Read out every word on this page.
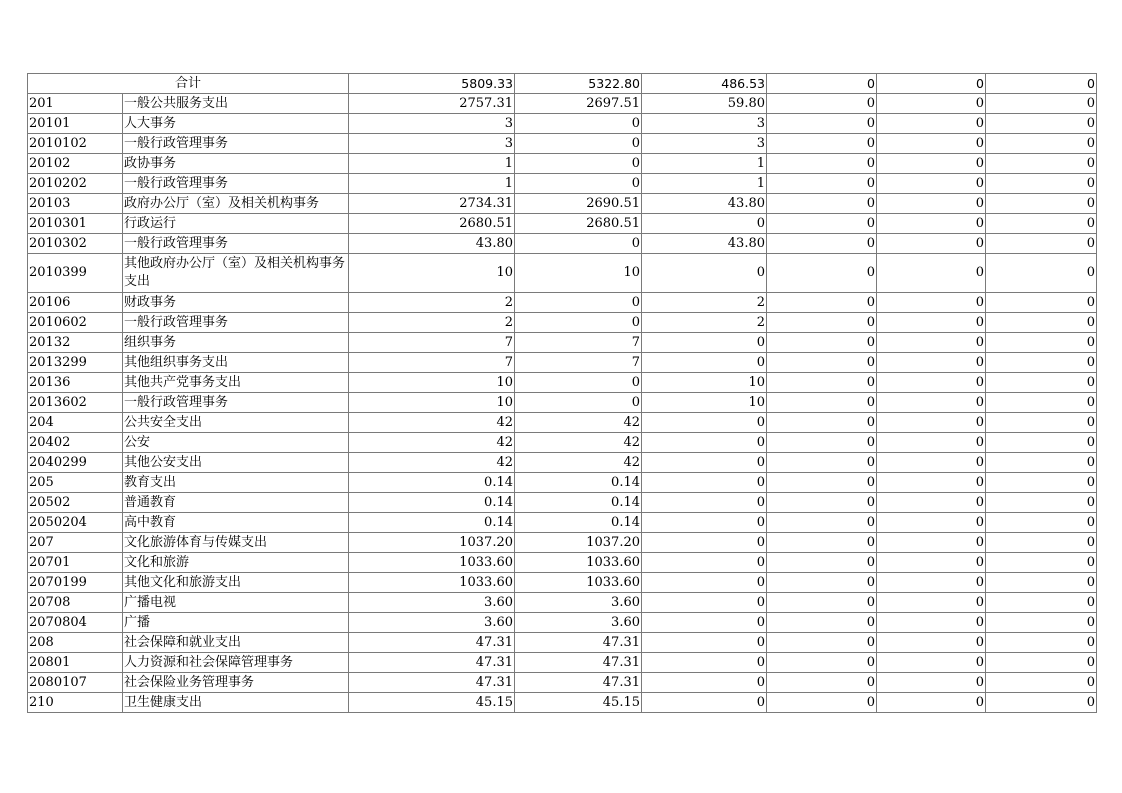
合计		5809.33	5322.80	486.53	0	0	0
201	一般公共服务支出	2757.31	2697.51	59.80	0	0	0
20101	人大事务	3	0	3	0	0	0
2010102	一般行政管理事务	3	0	3	0	0	0
20102	政协事务	1	0	1	0	0	0
2010202	一般行政管理事务	1	0	1	0	0	0
20103	政府办公厅（室）及相关机构事务	2734.31	2690.51	43.80	0	0	0
2010301	行政运行	2680.51	2680.51	0	0	0	0
2010302	一般行政管理事务	43.80	0	43.80	0	0	0
2010399	其他政府办公厅（室）及相关机构事务支出	10	10	0	0	0	0
20106	财政事务	2	0	2	0	0	0
2010602	一般行政管理事务	2	0	2	0	0	0
20132	组织事务	7	7	0	0	0	0
2013299	其他组织事务支出	7	7	0	0	0	0
20136	其他共产党事务支出	10	0	10	0	0	0
2013602	一般行政管理事务	10	0	10	0	0	0
204	公共安全支出	42	42	0	0	0	0
20402	公安	42	42	0	0	0	0
2040299	其他公安支出	42	42	0	0	0	0
205	教育支出	0.14	0.14	0	0	0	0
20502	普通教育	0.14	0.14	0	0	0	0
2050204	高中教育	0.14	0.14	0	0	0	0
207	文化旅游体育与传媒支出	1037.20	1037.20	0	0	0	0
20701	文化和旅游	1033.60	1033.60	0	0	0	0
2070199	其他文化和旅游支出	1033.60	1033.60	0	0	0	0
20708	广播电视	3.60	3.60	0	0	0	0
2070804	广播	3.60	3.60	0	0	0	0
208	社会保障和就业支出	47.31	47.31	0	0	0	0
20801	人力资源和社会保障管理事务	47.31	47.31	0	0	0	0
2080107	社会保险业务管理事务	47.31	47.31	0	0	0	0
210	卫生健康支出	45.15	45.15	0	0	0	0
